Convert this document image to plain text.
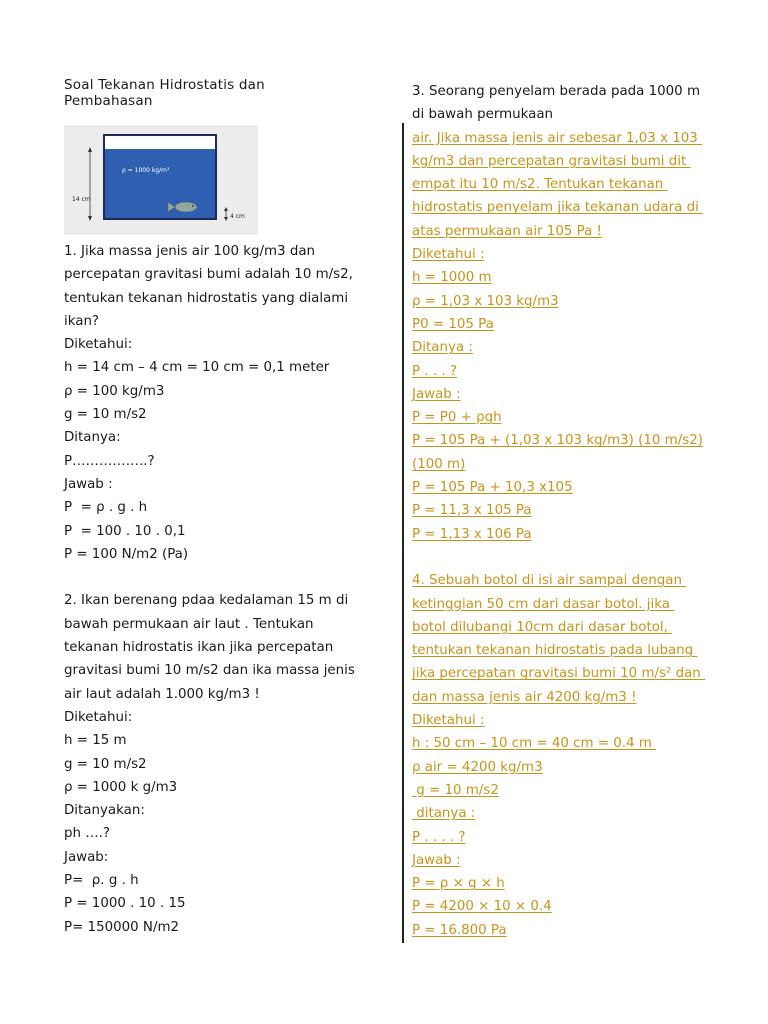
Soal Tekanan Hidrostatis dan
Pembahasan
ρ = 1000 kg/m³
14 cm
4 cm
1. Jika massa jenis air 100 kg/m3 dan
percepatan gravitasi bumi adalah 10 m/s2,
tentukan tekanan hidrostatis yang dialami
ikan?
Diketahui:
h = 14 cm – 4 cm = 10 cm = 0,1 meter
ρ = 100 kg/m3
g = 10 m/s2
Ditanya:
P……………..?
Jawab :
P  = ρ . g . h
P  = 100 . 10 . 0,1
P = 100 N/m2 (Pa)
2. Ikan berenang pdaa kedalaman 15 m di
bawah permukaan air laut . Tentukan
tekanan hidrostatis ikan jika percepatan
gravitasi bumi 10 m/s2 dan ika massa jenis
air laut adalah 1.000 kg/m3 !
Diketahui:
h = 15 m
g = 10 m/s2
ρ = 1000 k g/m3
Ditanyakan:
ph ….?
Jawab:
P=  ρ. g . h
P = 1000 . 10 . 15
P= 150000 N/m2
3. Seorang penyelam berada pada 1000 m
di bawah permukaan
air. Jika massa jenis air sebesar 1,03 x 103
kg/m3 dan percepatan gravitasi bumi dit
empat itu 10 m/s2. Tentukan tekanan
hidrostatis penyelam jika tekanan udara di
atas permukaan air 105 Pa !
Diketahui :
h = 1000 m
ρ = 1,03 x 103 kg/m3
P0 = 105 Pa
Ditanya :
P . . . ?
Jawab :
P = P0 + ρgh
P = 105 Pa + (1,03 x 103 kg/m3) (10 m/s2)
(100 m)
P = 105 Pa + 10,3 x105
P = 11,3 x 105 Pa
P = 1,13 x 106 Pa
4. Sebuah botol di isi air sampai dengan
ketinggian 50 cm dari dasar botol. jika
botol dilubangi 10cm dari dasar botol,
tentukan tekanan hidrostatis pada lubang
jika percepatan gravitasi bumi 10 m/s² dan
dan massa jenis air 4200 kg/m3 !
Diketahui :
h : 50 cm – 10 cm = 40 cm = 0.4 m
ρ air = 4200 kg/m3
g = 10 m/s2
ditanya :
P . . . . ?
Jawab :
P = ρ × g × h
P = 4200 × 10 × 0.4
P = 16.800 Pa
